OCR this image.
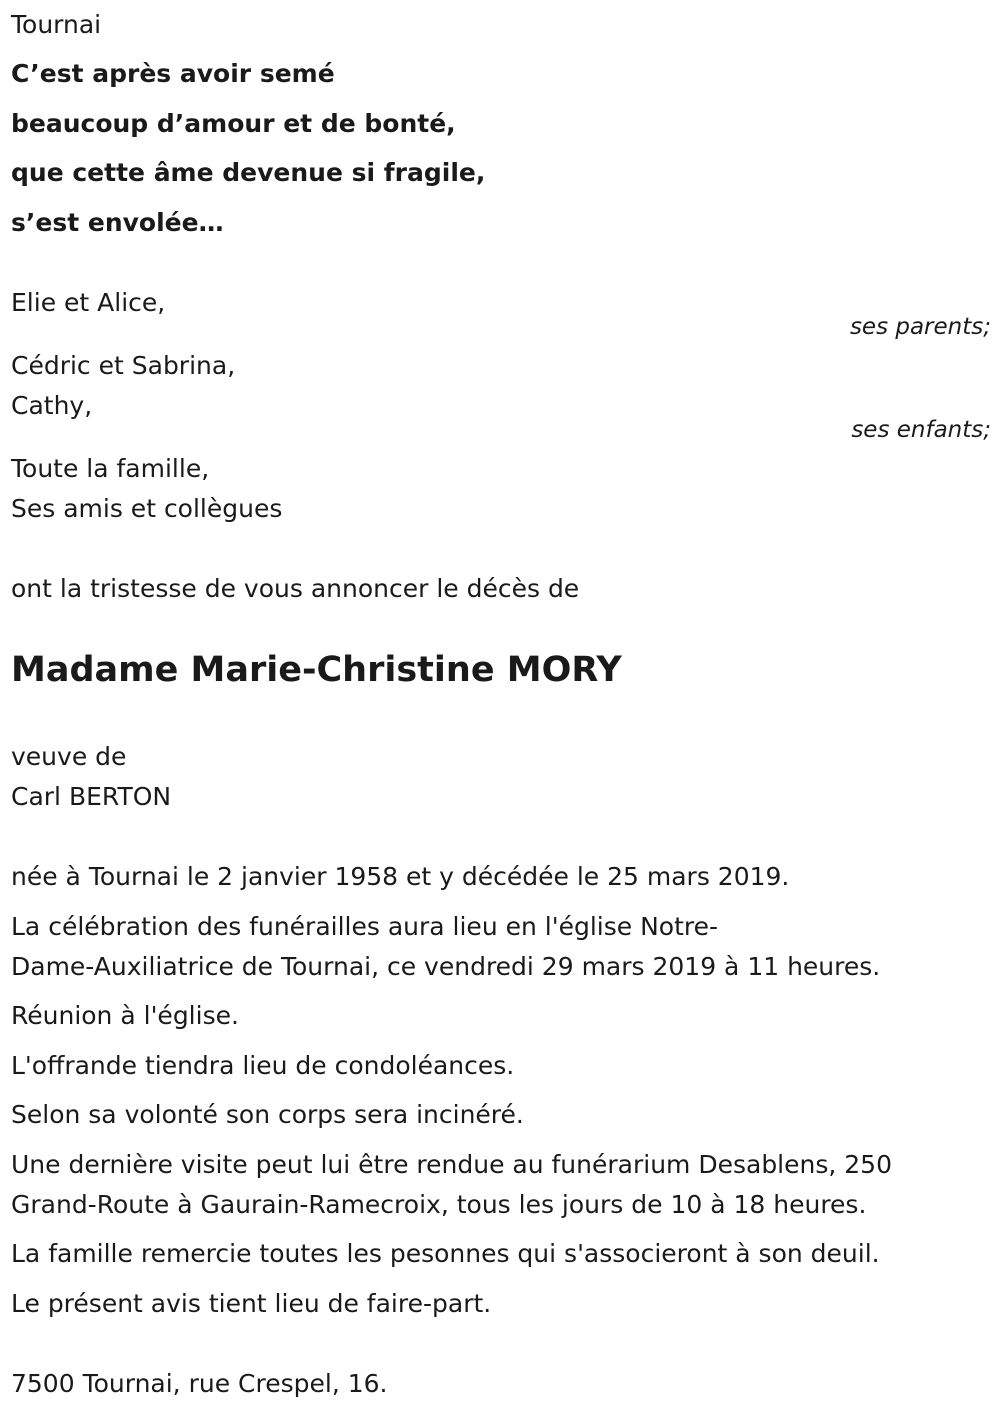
Tournai
C’est après avoir semé
beaucoup d’amour et de bonté,
que cette âme devenue si fragile,
s’est envolée…
Elie et Alice,
ses parents;
Cédric et Sabrina,
Cathy,
ses enfants;
Toute la famille,
Ses amis et collègues
ont la tristesse de vous annoncer le décès de
Madame Marie-Christine MORY
veuve de
Carl BERTON
née à Tournai le 2 janvier 1958 et y décédée le 25 mars 2019.
La célébration des funérailles aura lieu en l'église Notre-
Dame-Auxiliatrice de Tournai, ce vendredi 29 mars 2019 à 11 heures.
Réunion à l'église.
L'offrande tiendra lieu de condoléances.
Selon sa volonté son corps sera inciné​ré.
Une dernière visite peut lui être rendue au funérarium Desablens, 250
Grand-Route à Gaurain-Ramecroix, tous les jours de 10 à 18 heures.
La famille remercie toutes les pesonnes qui s'associeront à son deuil.
Le présent avis tient lieu de faire-part.
7500 Tournai, rue Crespel, 16.
